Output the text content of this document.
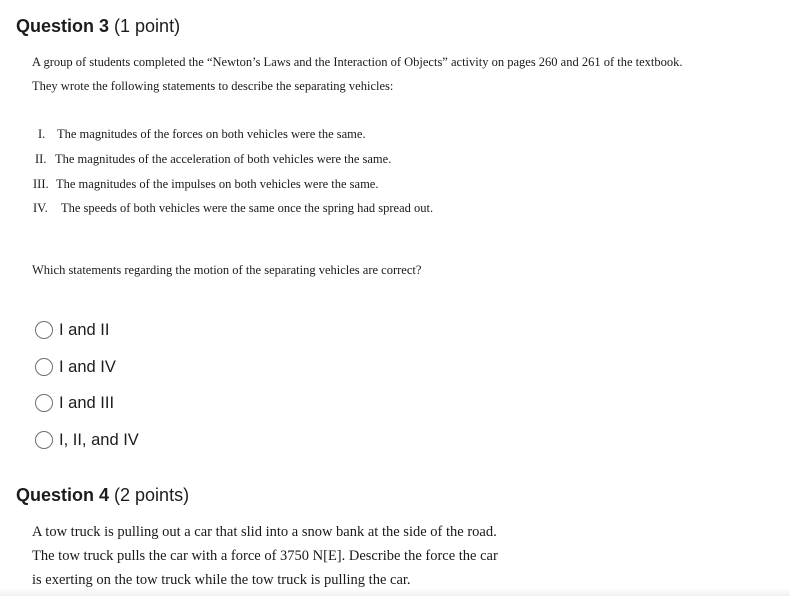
Question 3 (1 point)
A group of students completed the “Newton’s Laws and the Interaction of Objects” activity on pages 260 and 261 of the textbook.
They wrote the following statements to describe the separating vehicles:
I. The magnitudes of the forces on both vehicles were the same.
II. The magnitudes of the acceleration of both vehicles were the same.
III. The magnitudes of the impulses on both vehicles were the same.
IV. The speeds of both vehicles were the same once the spring had spread out.
Which statements regarding the motion of the separating vehicles are correct?
I and II
I and IV
I and III
I, II, and IV
Question 4 (2 points)
A tow truck is pulling out a car that slid into a snow bank at the side of the road.
The tow truck pulls the car with a force of 3750 N[E]. Describe the force the car
is exerting on the tow truck while the tow truck is pulling the car.
